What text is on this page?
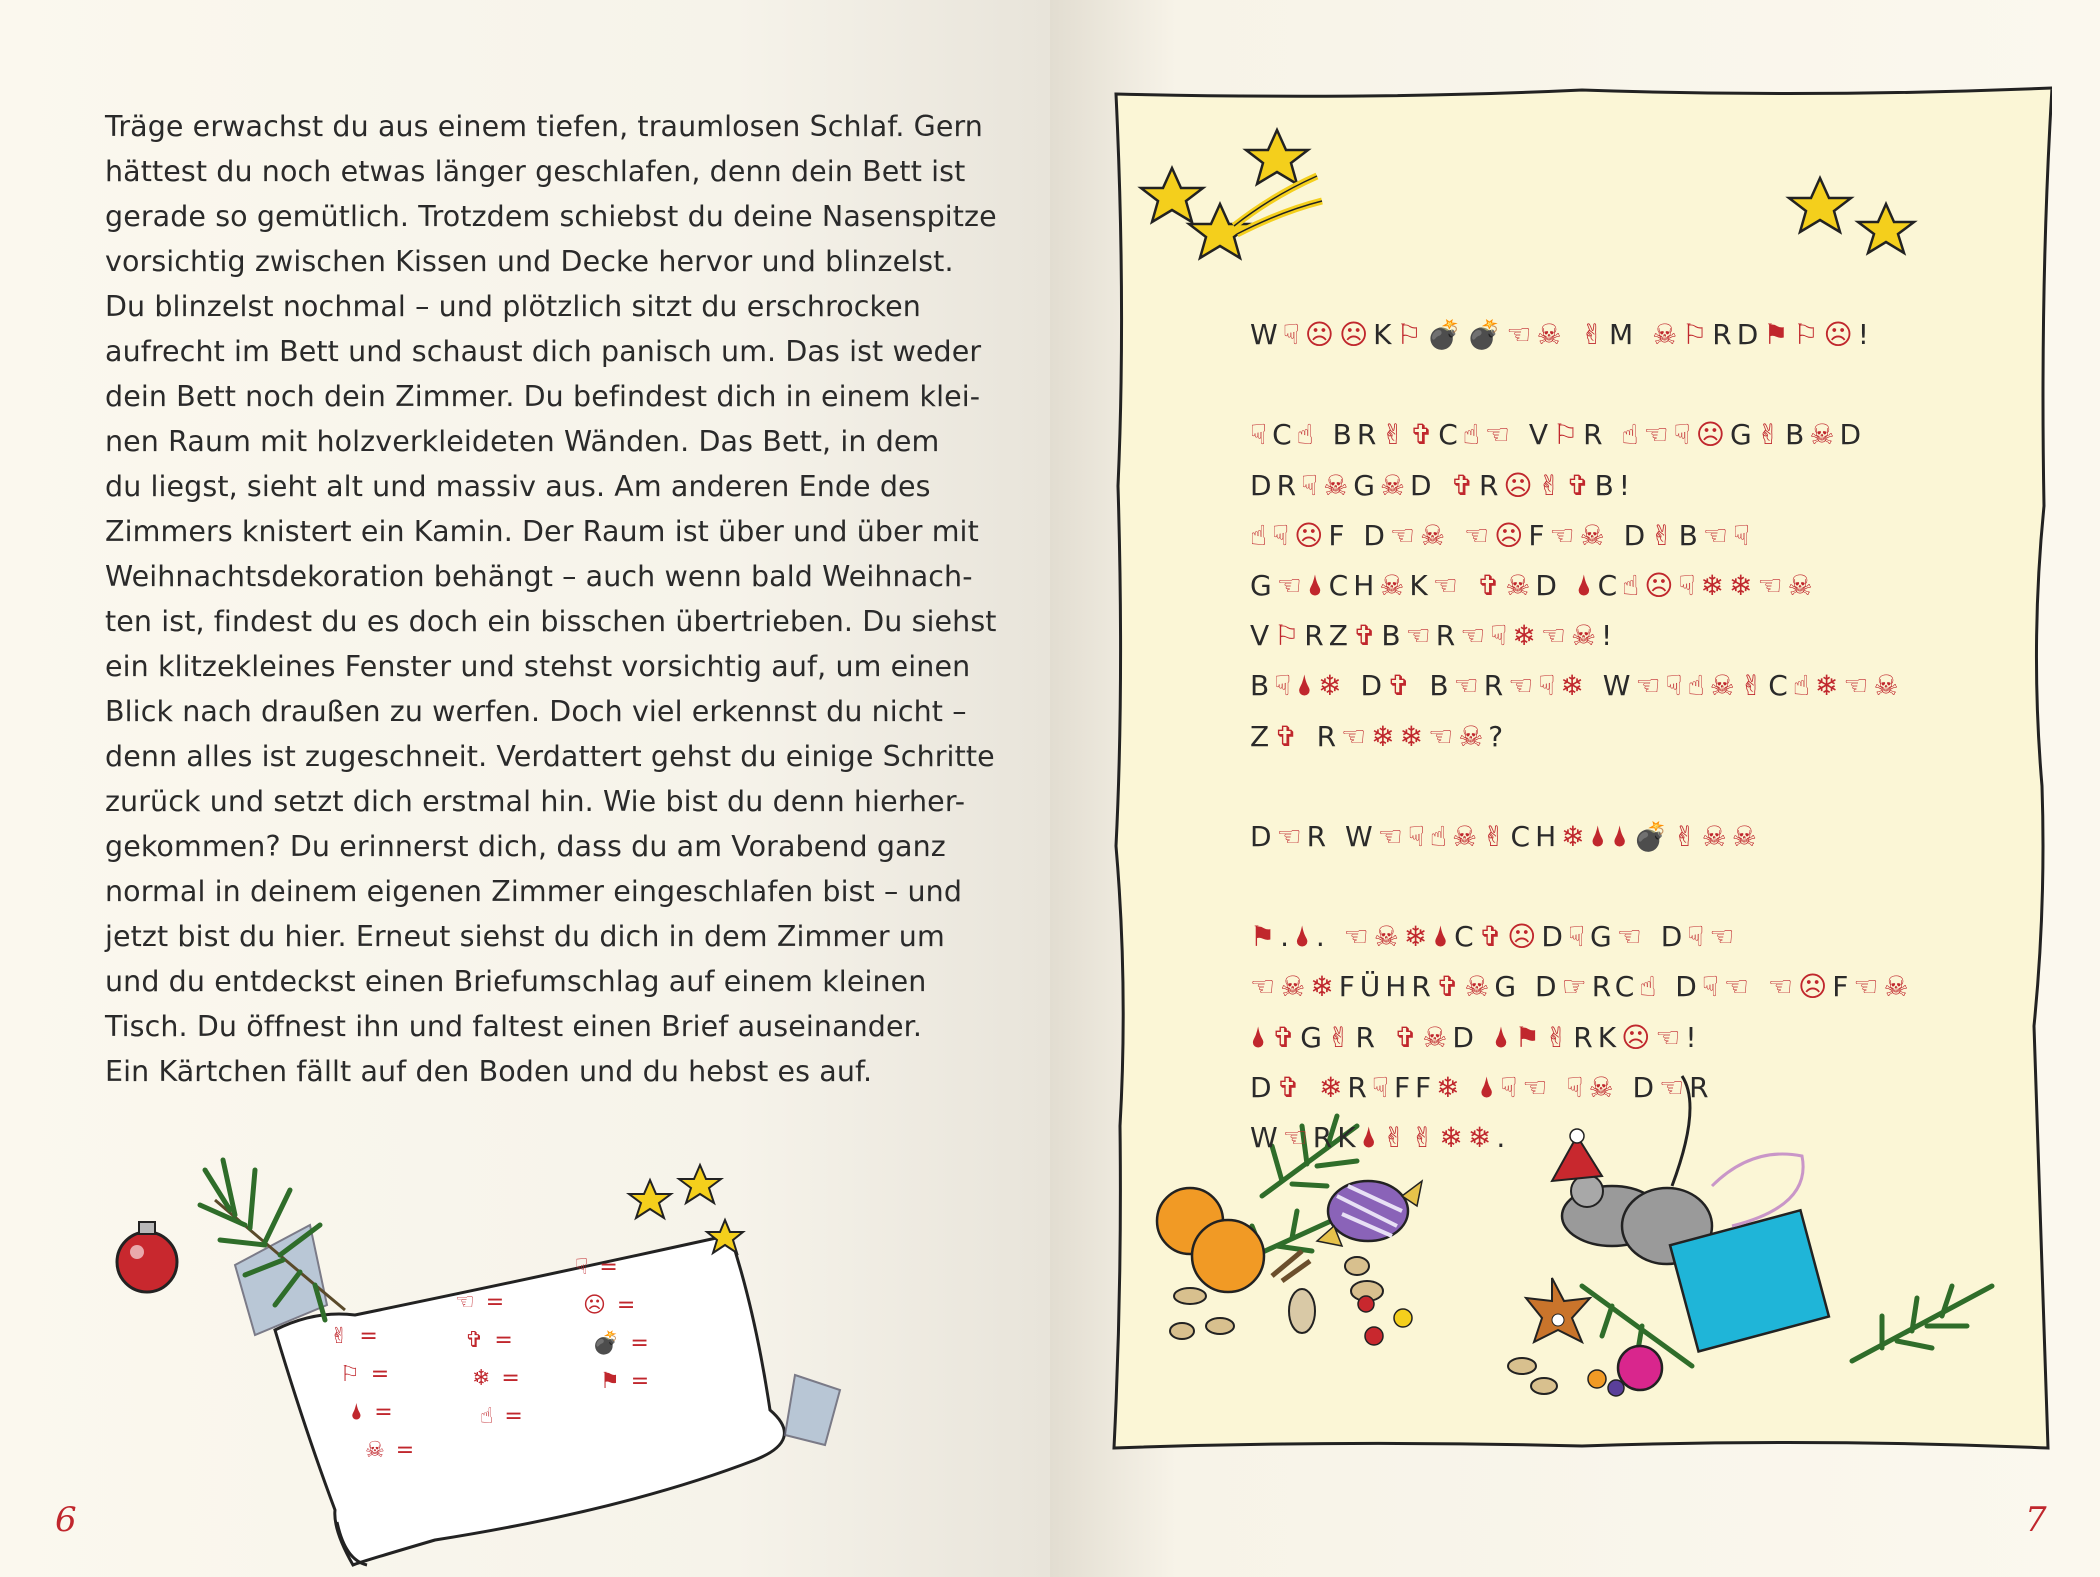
Träge erwachst du aus einem tiefen, traumlosen Schlaf. Gern
hättest du noch etwas länger geschlafen, denn dein Bett ist
gerade so gemütlich. Trotzdem schiebst du deine Nasenspitze
vorsichtig zwischen Kissen und Decke hervor und blinzelst.
Du blinzelst nochmal – und plötzlich sitzt du erschrocken
aufrecht im Bett und schaust dich panisch um. Das ist weder
dein Bett noch dein Zimmer. Du befindest dich in einem klei-
nen Raum mit holzverkleideten Wänden. Das Bett, in dem
du liegst, sieht alt und massiv aus. Am anderen Ende des
Zimmers knistert ein Kamin. Der Raum ist über und über mit
Weihnachtsdekoration behängt – auch wenn bald Weihnach-
ten ist, findest du es doch ein bisschen übertrieben. Du siehst
ein klitzekleines Fenster und stehst vorsichtig auf, um einen
Blick nach draußen zu werfen. Doch viel erkennst du nicht –
denn alles ist zugeschneit. Verdattert gehst du einige Schritte
zurück und setzt dich erstmal hin. Wie bist du denn hierher-
gekommen? Du erinnerst dich, dass du am Vorabend ganz
normal in deinem eigenen Zimmer eingeschlafen bist – und
jetzt bist du hier. Erneut siehst du dich in dem Zimmer um
und du entdeckst einen Briefumschlag auf einem kleinen
Tisch. Du öffnest ihn und faltest einen Brief auseinander.
Ein Kärtchen fällt auf den Boden und du hebst es auf.
✌ =
⚐ =
🌢 =
☠ =
☜ =
✞ =
❄ =
☝ =
☟ =
☹ =
💣 =
⚑ =
6	7
W☟☹☹K⚐💣💣☜☠ ✌M ☠⚐RD⚑⚐☹!
☟C☝ BR✌✞C☝☜ V⚐R ☝☜☟☹G✌B☠D
DR☟☠G☠D ✞R☹✌✞B!
☝☟☹F D☜☠ ☜☹F☜☠ D✌B☜☟
G☜🌢CH☠K☜ ✞☠D 🌢C☝☹☟❄❄☜☠
V⚐RZ✞B☜R☜☟❄☜☠!
B☟🌢❄ D✞ B☜R☜☟❄ W☜☟☝☠✌C☝❄☜☠
Z✞ R☜❄❄☜☠?
D☜R W☜☟☝☠✌CH❄🌢🌢💣✌☠☠
⚑.🌢. ☜☠❄🌢C✞☹D☟G☜ D☟☜
☜☠❄FÜHR✞☠G D☞RC☝ D☟☜ ☜☹F☜☠
🌢✞G✌R ✞☠D 🌢⚑✌RK☹☜!
D✞ ❄R☟FF❄ 🌢☟☜ ☟☠ D☜R
W☜RK🌢✌✌❄❄.
